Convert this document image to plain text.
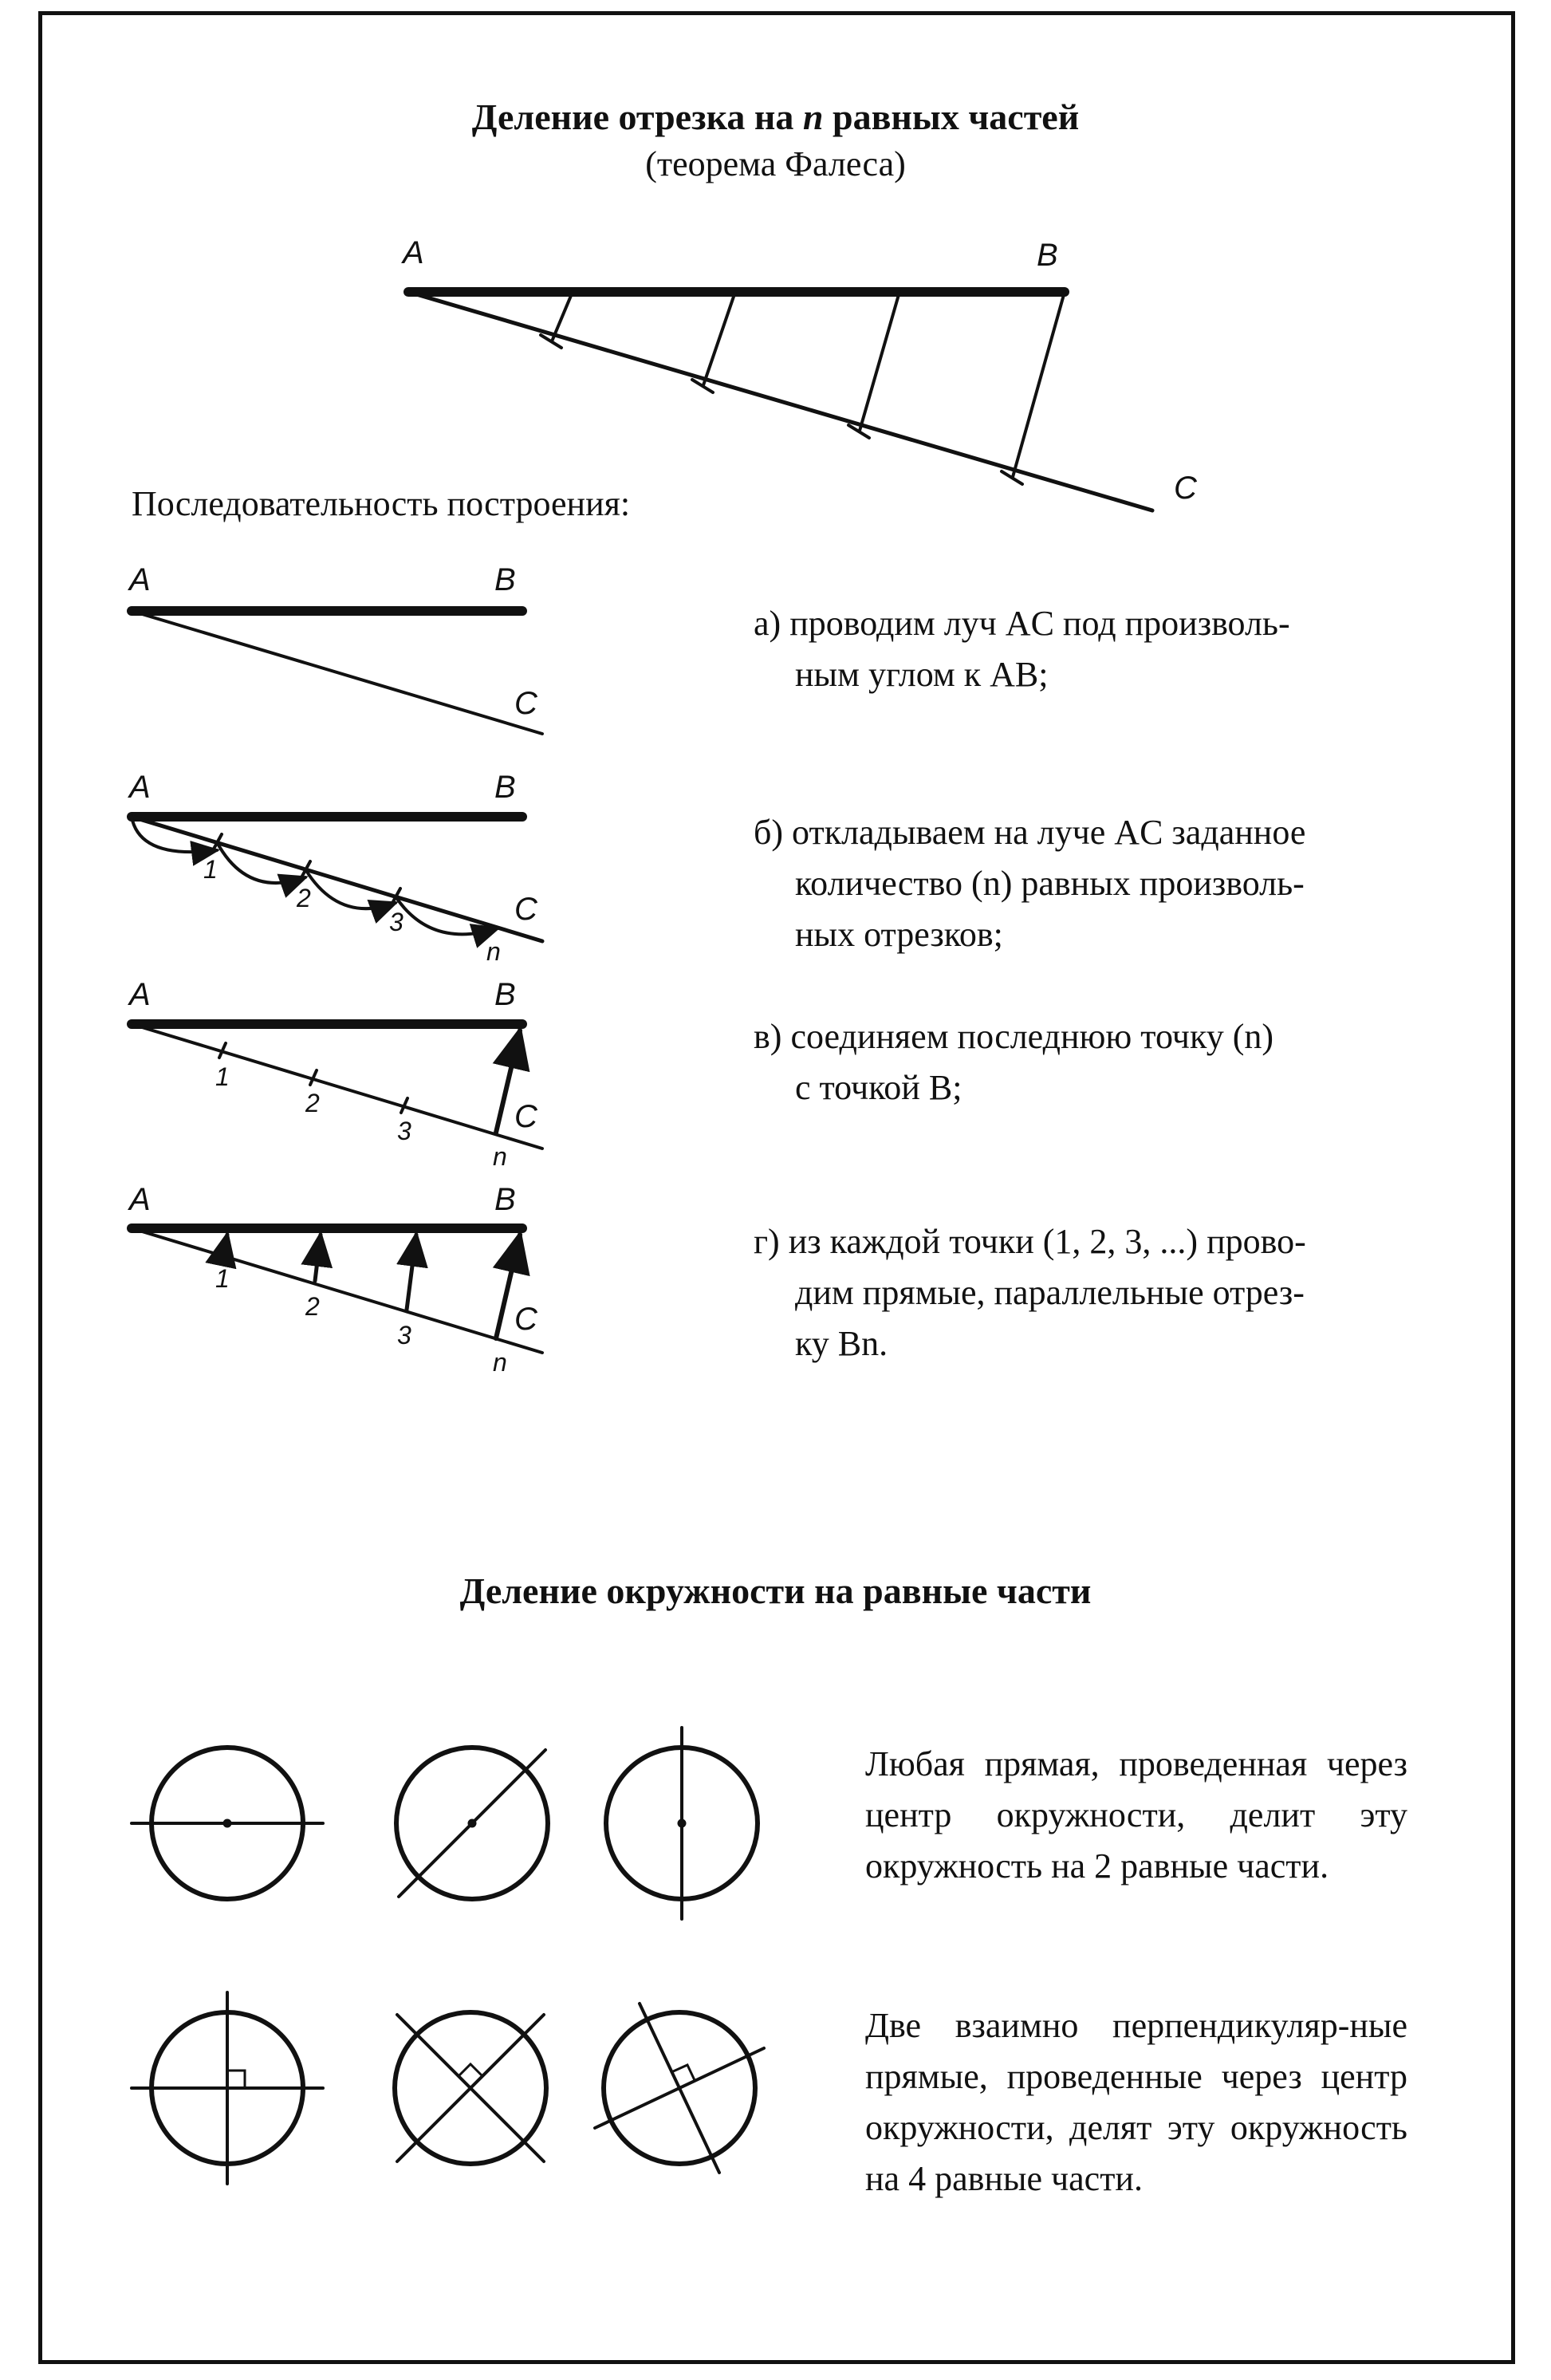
Деление отрезка на n равных частей
(теорема Фалеса)
A	B
C
Последовательность построения:
A	B
C
A	B
C
1
2
3
n
A	B
C
1
2
3
n
A	B
C
1
2
3
n
а) проводим луч AC под произволь-
ным углом к AB;
б) откладываем на луче AC заданное
количество (n) равных произволь-
ных отрезков;
в) соединяем последнюю точку (n)
с точкой B;
г) из каждой точки (1, 2, 3, ...) прово-
дим прямые, параллельные отрез-
ку Bn.
Деление окружности на равные части
Любая прямая, проведенная через центр окружности, делит эту окружность на 2 равные части.
Две взаимно перпендикуляр-ные прямые, проведенные через центр окружности, делят эту окружность на 4 равные части.
